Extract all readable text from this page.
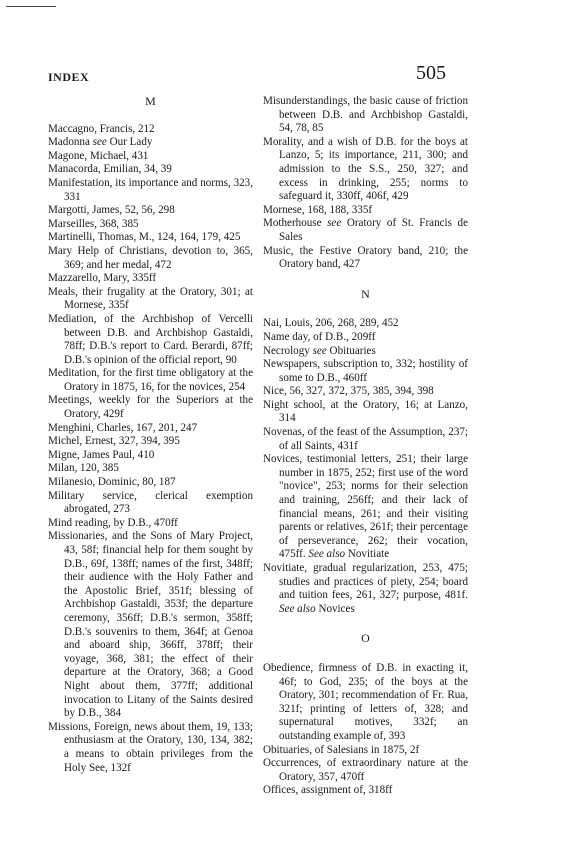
INDEX	505
M

Maccagno, Francis, 212

Madonna see Our Lady

Magone, Michael, 431

Manacorda, Emilian, 34, 39

Manifestation, its importance and norms, 323, 331

Margotti, James, 52, 56, 298

Marseilles, 368, 385

Martinelli, Thomas, M., 124, 164, 179, 425

Mary Help of Christians, devotion to, 365, 369; and her medal, 472

Mazzarello, Mary, 335ff

Meals, their frugality at the Oratory, 301; at Mornese, 335f

Mediation, of the Archbishop of Vercelli between D.B. and Archbishop Gastaldi, 78ff; D.B.'s report to Card. Berardi, 87ff; D.B.'s opinion of the official report, 90

Meditation, for the first time obligatory at the Oratory in 1875, 16, for the novices, 254

Meetings, weekly for the Superiors at the Oratory, 429f

Menghini, Charles, 167, 201, 247

Michel, Ernest, 327, 394, 395

Migne, James Paul, 410

Milan, 120, 385

Milanesio, Dominic, 80, 187

Military service, clerical exemption abrogated, 273

Mind reading, by D.B., 470ff

Missionaries, and the Sons of Mary Project, 43, 58f; financial help for them sought by D.B., 69f, 138ff; names of the first, 348ff; their audience with the Holy Father and the Apostolic Brief, 351f; blessing of Archbishop Gastaldi, 353f; the departure ceremony, 356ff; D.B.'s sermon, 358ff; D.B.'s souvenirs to them, 364f; at Genoa and aboard ship, 366ff, 378ff; their voyage, 368, 381; the effect of their departure at the Oratory, 368; a Good Night about them, 377ff; additional invocation to Litany of the Saints desired by D.B., 384

Missions, Foreign, news about them, 19, 133; enthusiasm at the Oratory, 130, 134, 382; a means to obtain privileges from the Holy See, 132f

Misunderstandings, the basic cause of friction between D.B. and Archbishop Gastaldi, 54, 78, 85

Morality, and a wish of D.B. for the boys at Lanzo, 5; its importance, 211, 300; and admission to the S.S., 250, 327; and excess in drinking, 255; norms to safeguard it, 330ff, 406f, 429

Mornese, 168, 188, 335f

Motherhouse see Oratory of St. Francis de Sales

Music, the Festive Oratory band, 210; the Oratory band, 427

N

Nai, Louis, 206, 268, 289, 452

Name day, of D.B., 209ff

Necrology see Obituaries

Newspapers, subscription to, 332; hostility of some to D.B., 460ff

Nice, 56, 327, 372, 375, 385, 394, 398

Night school, at the Oratory, 16; at Lanzo, 314

Novenas, of the feast of the Assumption, 237; of all Saints, 431f

Novices, testimonial letters, 251; their large number in 1875, 252; first use of the word "novice", 253; norms for their selection and training, 256ff; and their lack of financial means, 261; and their visiting parents or relatives, 261f; their percentage of perseverance, 262; their vocation, 475ff. See also Novitiate

Novitiate, gradual regularization, 253, 475; studies and practices of piety, 254; board and tuition fees, 261, 327; purpose, 481f. See also Novices

O

Obedience, firmness of D.B. in exacting it, 46f; to God, 235; of the boys at the Oratory, 301; recommendation of Fr. Rua, 321f; printing of letters of, 328; and supernatural motives, 332f; an outstanding example of, 393

Obituaries, of Salesians in 1875, 2f

Occurrences, of extraordinary nature at the Oratory, 357, 470ff

Offices, assignment of, 318ff
